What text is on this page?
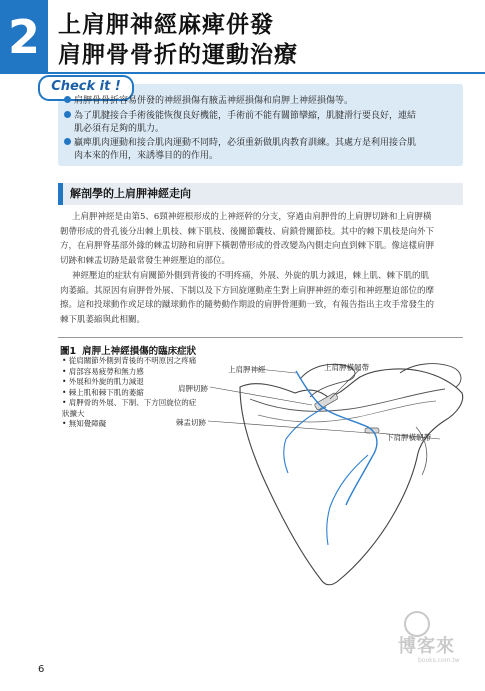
2 上肩胛神經麻痺併發
肩胛骨骨折的運動治療
Check it !
肩胛骨骨折容易併發的神經損傷有腋盂神經損傷和肩胛上神經損傷等。
為了肌腱接合手術後能恢復良好機能，手術前不能有關節攣縮，肌腱滑行要良好，連結
肌必須有足夠的肌力。
贏痺肌肉運動和接合肌肉運動不同時，必須重新做肌肉教育訓練。其處方是利用接合肌
肉本來的作用，來誘導目的的作用。
解剖學的上肩胛神經走向
上肩胛神經是由第5、6頸神經根形成的上神經幹的分支，穿過由肩胛骨的上肩胛切跡和上肩胛橫
韌帶形成的骨孔後分出棘上肌枝、棘下肌枝、後關節囊枝、肩鎖骨關節枝。其中的棘下肌枝是向外下
方，在肩胛脊基部外緣的棘盂切跡和肩胛下橫韌帶形成的骨改變為內側走向直到棘下肌。像這樣肩胛
切跡和棘盂切跡是最常發生神經壓迫的部位。
神經壓迫的症狀有肩關節外側到背後的不明疼痛，外展、外旋的肌力減退，棘上肌、棘下肌的肌
肉萎縮。其原因有肩胛骨外展、下制以及下方回旋運動產生對上肩胛神經的牽引和神經壓迫部位的摩
擦。這和投球動作或足球的蹴球動作的隨勢動作期設的肩胛骨運動一致，有報告指出主攻手常發生的
棘下肌萎縮與此相關。
圖1 肩胛上神經損傷的臨床症狀
• 從肩關節外側到背後的不明原因之疼痛
• 肩部容易疲勞和無力感
• 外展和外旋的肌力減退
• 棘上肌和棘下肌的萎縮
• 肩胛骨的外展、下制、下方回旋位的症
狀擴大
• 無知覺障礙
上肩胛神經	上肩胛橫韌帶
肩胛切跡
棘盂切跡
下肩胛橫韌帶
6
博客來
books.com.tw
